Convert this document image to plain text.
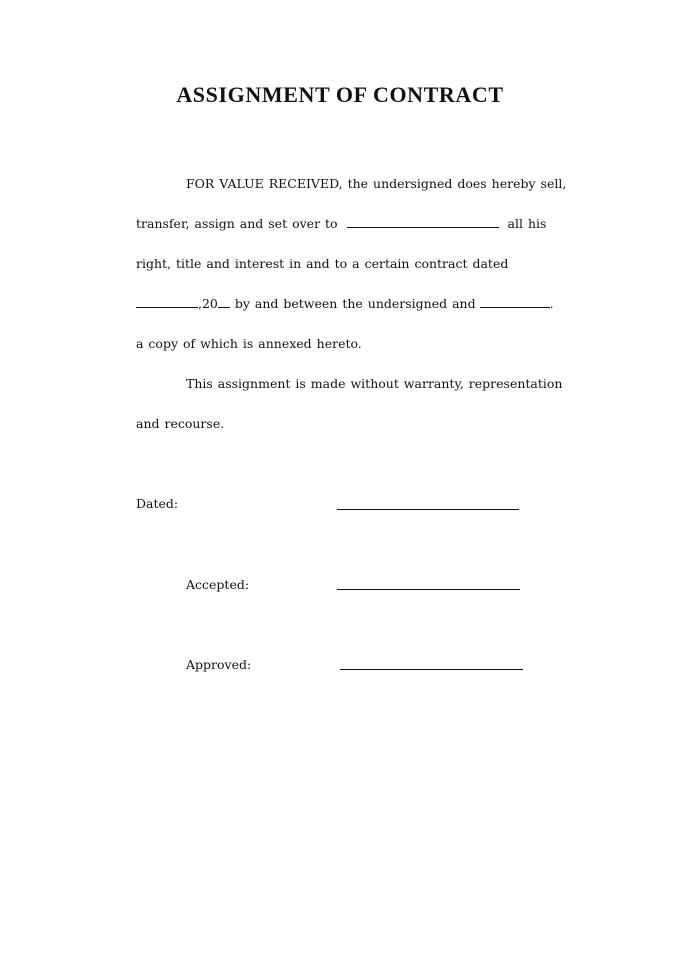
ASSIGNMENT OF CONTRACT
FOR VALUE RECEIVED, the undersigned does hereby sell,
transfer, assign and set over to	all his
right, title and interest in and to a certain contract dated
,20 by and between the undersigned and	.
a copy of which is annexed hereto.
This assignment is made without warranty, representation
and recourse.
Dated:
Accepted:
Approved:
